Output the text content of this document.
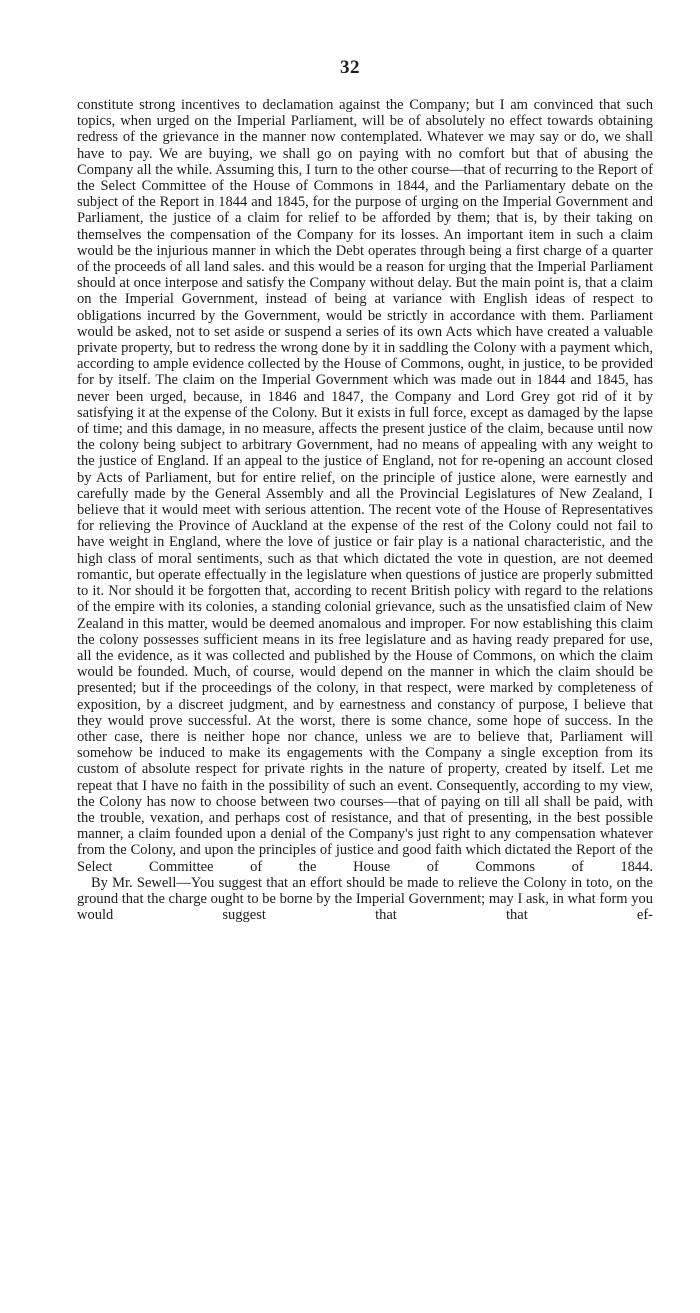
32

constitute strong incentives to declamation against the Company; but I am convinced that such topics, when urged on the Imperial Parliament, will be of absolutely no effect towards obtaining redress of the grievance in the manner now contemplated. Whatever we may say or do, we shall have to pay. We are buying, we shall go on paying with no comfort but that of abusing the Company all the while. Assuming this, I turn to the other course—that of recurring to the Report of the Select Committee of the House of Commons in 1844, and the Parliamentary debate on the subject of the Report in 1844 and 1845, for the purpose of urging on the Imperial Government and Parliament, the justice of a claim for relief to be afforded by them; that is, by their taking on themselves the compensation of the Company for its losses. An important item in such a claim would be the injurious manner in which the Debt operates through being a first charge of a quarter of the proceeds of all land sales. and this would be a reason for urging that the Imperial Parliament should at once interpose and satisfy the Company without delay. But the main point is, that a claim on the Imperial Government, instead of being at variance with English ideas of respect to obligations incurred by the Government, would be strictly in accordance with them. Parliament would be asked, not to set aside or suspend a series of its own Acts which have created a valuable private property, but to redress the wrong done by it in saddling the Colony with a payment which, according to ample evidence collected by the House of Commons, ought, in justice, to be provided for by itself. The claim on the Imperial Government which was made out in 1844 and 1845, has never been urged, because, in 1846 and 1847, the Company and Lord Grey got rid of it by satisfying it at the expense of the Colony. But it exists in full force, except as damaged by the lapse of time; and this damage, in no measure, affects the present justice of the claim, because until now the colony being subject to arbitrary Government, had no means of appealing with any weight to the justice of England. If an appeal to the justice of England, not for re-opening an account closed by Acts of Parliament, but for entire relief, on the principle of justice alone, were earnestly and carefully made by the General Assembly and all the Provincial Legislatures of New Zealand, I believe that it would meet with serious attention. The recent vote of the House of Representatives for relieving the Province of Auckland at the expense of the rest of the Colony could not fail to have weight in England, where the love of justice or fair play is a national characteristic, and the high class of moral sentiments, such as that which dictated the vote in question, are not deemed romantic, but operate effectually in the legislature when questions of justice are properly submitted to it. Nor should it be forgotten that, according to recent British policy with regard to the relations of the empire with its colonies, a standing colonial grievance, such as the unsatisfied claim of New Zealand in this matter, would be deemed anomalous and improper. For now establishing this claim the colony possesses sufficient means in its free legislature and as having ready prepared for use, all the evidence, as it was collected and published by the House of Commons, on which the claim would be founded. Much, of course, would depend on the manner in which the claim should be presented; but if the proceedings of the colony, in that respect, were marked by completeness of exposition, by a discreet judgment, and by earnestness and constancy of purpose, I believe that they would prove successful. At the worst, there is some chance, some hope of success. In the other case, there is neither hope nor chance, unless we are to believe that, Parliament will somehow be induced to make its engagements with the Company a single exception from its custom of absolute respect for private rights in the nature of property, created by itself. Let me repeat that I have no faith in the possibility of such an event. Consequently, according to my view, the Colony has now to choose between two courses—that of paying on till all shall be paid, with the trouble, vexation, and perhaps cost of resistance, and that of presenting, in the best possible manner, a claim founded upon a denial of the Company's just right to any compensation whatever from the Colony, and upon the principles of justice and good faith which dictated the Report of the Select Committee of the House of Commons of 1844.

By Mr. Sewell—You suggest that an effort should be made to relieve the Colony in toto, on the ground that the charge ought to be borne by the Imperial Government; may I ask, in what form you would suggest that that ef-
